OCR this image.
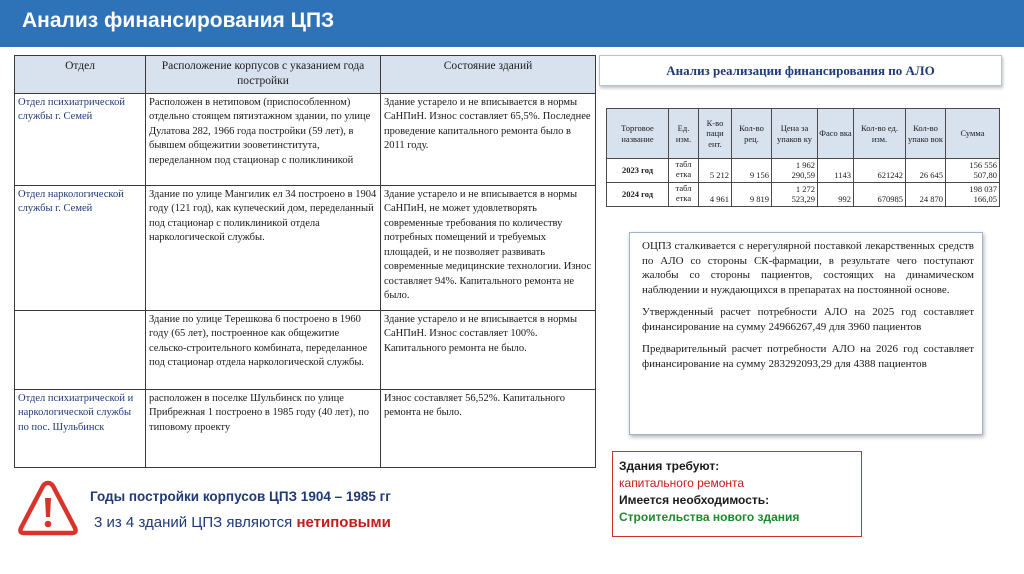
Анализ финансирования ЦПЗ
Отдел	Расположение корпусов с указанием года постройки	Состояние зданий
Отдел психиатрической службы г. Семей	Расположен в нетиповом (приспособленном) отдельно стоящем пятиэтажном здании, по улице Дулатова 282, 1966 года постройки (59 лет), в бывшем общежитии зооветинститута, переделанном под стационар с поликлиникой	Здание устарело и не вписывается в нормы СаНПиН. Износ составляет 65,5%. Последнее проведение капитального ремонта было в 2011 году.
Отдел наркологической службы г. Семей	Здание по улице Мангилик ел 34 построено в 1904 году (121 год), как купеческий дом, переделанный под стационар с поликлиникой отдела наркологической службы.	Здание устарело и не вписывается в нормы СаНПиН, не может удовлетворять современные требования по количеству потребных помещений и требуемых площадей, и не позволяет развивать современные медицинские технологии. Износ составляет 94%. Капитального ремонта не было.
	Здание по улице Терешкова 6 построено в 1960 году (65 лет), построенное как общежитие сельско-строительного комбината, переделанное под стационар отдела наркологической службы.	Здание устарело и не вписывается в нормы СаНПиН. Износ составляет 100%. Капитального ремонта не было.
Отдел психиатрической и наркологической службы по пос. Шульбинск	расположен в поселке Шульбинск по улице Прибрежная 1 построено в 1985 году (40 лет), по типовому проекту	Износ составляет 56,52%. Капитального ремонта не было.
Анализ реализации финансирования по АЛО
Торговое название	Ед. изм.	К-во паци ент.	Кол-во рец.	Цена за упаков ку	Фасо вка	Кол-во ед. изм.	Кол-во упако вок	Сумма
2023 год	табл етка	5 212	9 156	1 962 290,59	1143	621242	26 645	156 556 507,80
2024 год	табл етка	4 961	9 819	1 272 523,29	992	670985	24 870	198 037 166,05

ОЦПЗ сталкивается с нерегулярной поставкой лекарственных средств по АЛО со стороны СК-фармации, в результате чего поступают жалобы со стороны пациентов, состоящих на динамическом наблюдении и нуждающихся в препаратах на постоянной основе.

Утвержденный расчет потребности АЛО на 2025 год составляет финансирование на сумму 24966267,49 для 3960 пациентов

Предварительный расчет потребности АЛО на 2026 год составляет финансирование на сумму 283292093,29 для 4388 пациентов

Здания требуют:
капитального ремонта
Имеется необходимость:
Строительства нового здания
Годы постройки корпусов ЦПЗ 1904 – 1985 гг
3 из 4 зданий ЦПЗ являются нетиповыми
